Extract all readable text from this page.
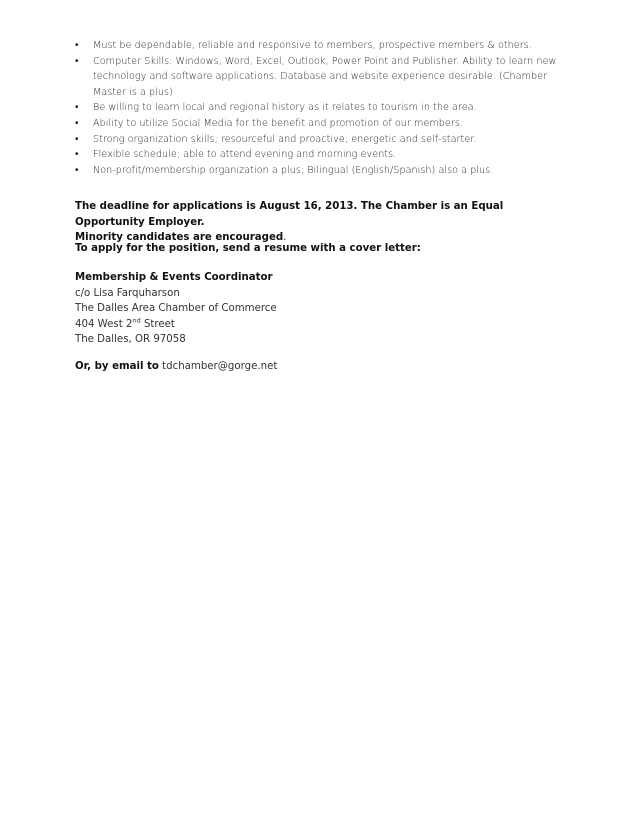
• Must be dependable, reliable and responsive to members, prospective members & others.
• Computer Skills: Windows, Word, Excel, Outlook, Power Point and Publisher. Ability to learn new technology and software applications. Database and website experience desirable. (Chamber Master is a plus)
• Be willing to learn local and regional history as it relates to tourism in the area.
• Ability to utilize Social Media for the benefit and promotion of our members.
• Strong organization skills; resourceful and proactive; energetic and self-starter.
• Flexible schedule; able to attend evening and morning events.
• Non-profit/membership organization a plus; Bilingual (English/Spanish) also a plus.
The deadline for applications is August 16, 2013. The Chamber is an Equal Opportunity Employer.
Minority candidates are encouraged.
To apply for the position, send a resume with a cover letter:
Membership & Events Coordinator
c/o Lisa Farquharson
The Dalles Area Chamber of Commerce
404 West 2nd Street
The Dalles, OR 97058
Or, by email to tdchamber@gorge.net
